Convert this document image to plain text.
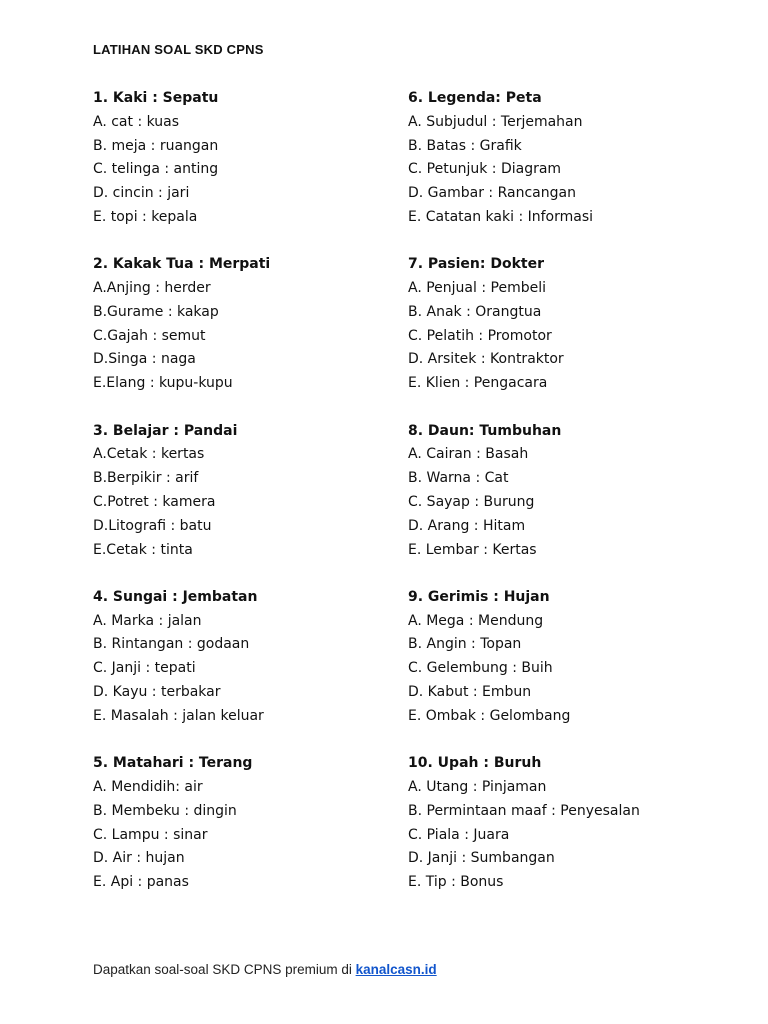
LATIHAN SOAL SKD CPNS
1. Kaki : Sepatu
A. cat : kuas
B. meja : ruangan
C. telinga : anting
D. cincin : jari
E. topi : kepala
2. Kakak Tua : Merpati
A.Anjing : herder
B.Gurame : kakap
C.Gajah : semut
D.Singa : naga
E.Elang : kupu-kupu
3. Belajar : Pandai
A.Cetak : kertas
B.Berpikir : arif
C.Potret : kamera
D.Litografi : batu
E.Cetak : tinta
4. Sungai : Jembatan
A. Marka : jalan
B. Rintangan : godaan
C. Janji : tepati
D. Kayu : terbakar
E. Masalah : jalan keluar
5. Matahari : Terang
A. Mendidih: air
B. Membeku : dingin
C. Lampu : sinar
D. Air : hujan
E. Api : panas
6. Legenda: Peta
A. Subjudul : Terjemahan
B. Batas : Grafik
C. Petunjuk : Diagram
D. Gambar : Rancangan
E. Catatan kaki : Informasi
7. Pasien: Dokter
A. Penjual : Pembeli
B. Anak : Orangtua
C. Pelatih : Promotor
D. Arsitek : Kontraktor
E. Klien : Pengacara
8. Daun: Tumbuhan
A. Cairan : Basah
B. Warna : Cat
C. Sayap : Burung
D. Arang : Hitam
E. Lembar : Kertas
9. Gerimis : Hujan
A. Mega : Mendung
B. Angin : Topan
C. Gelembung : Buih
D. Kabut : Embun
E. Ombak : Gelombang
10. Upah : Buruh
A. Utang : Pinjaman
B. Permintaan maaf : Penyesalan
C. Piala : Juara
D. Janji : Sumbangan
E. Tip : Bonus
Dapatkan soal-soal SKD CPNS premium di kanalcasn.id
